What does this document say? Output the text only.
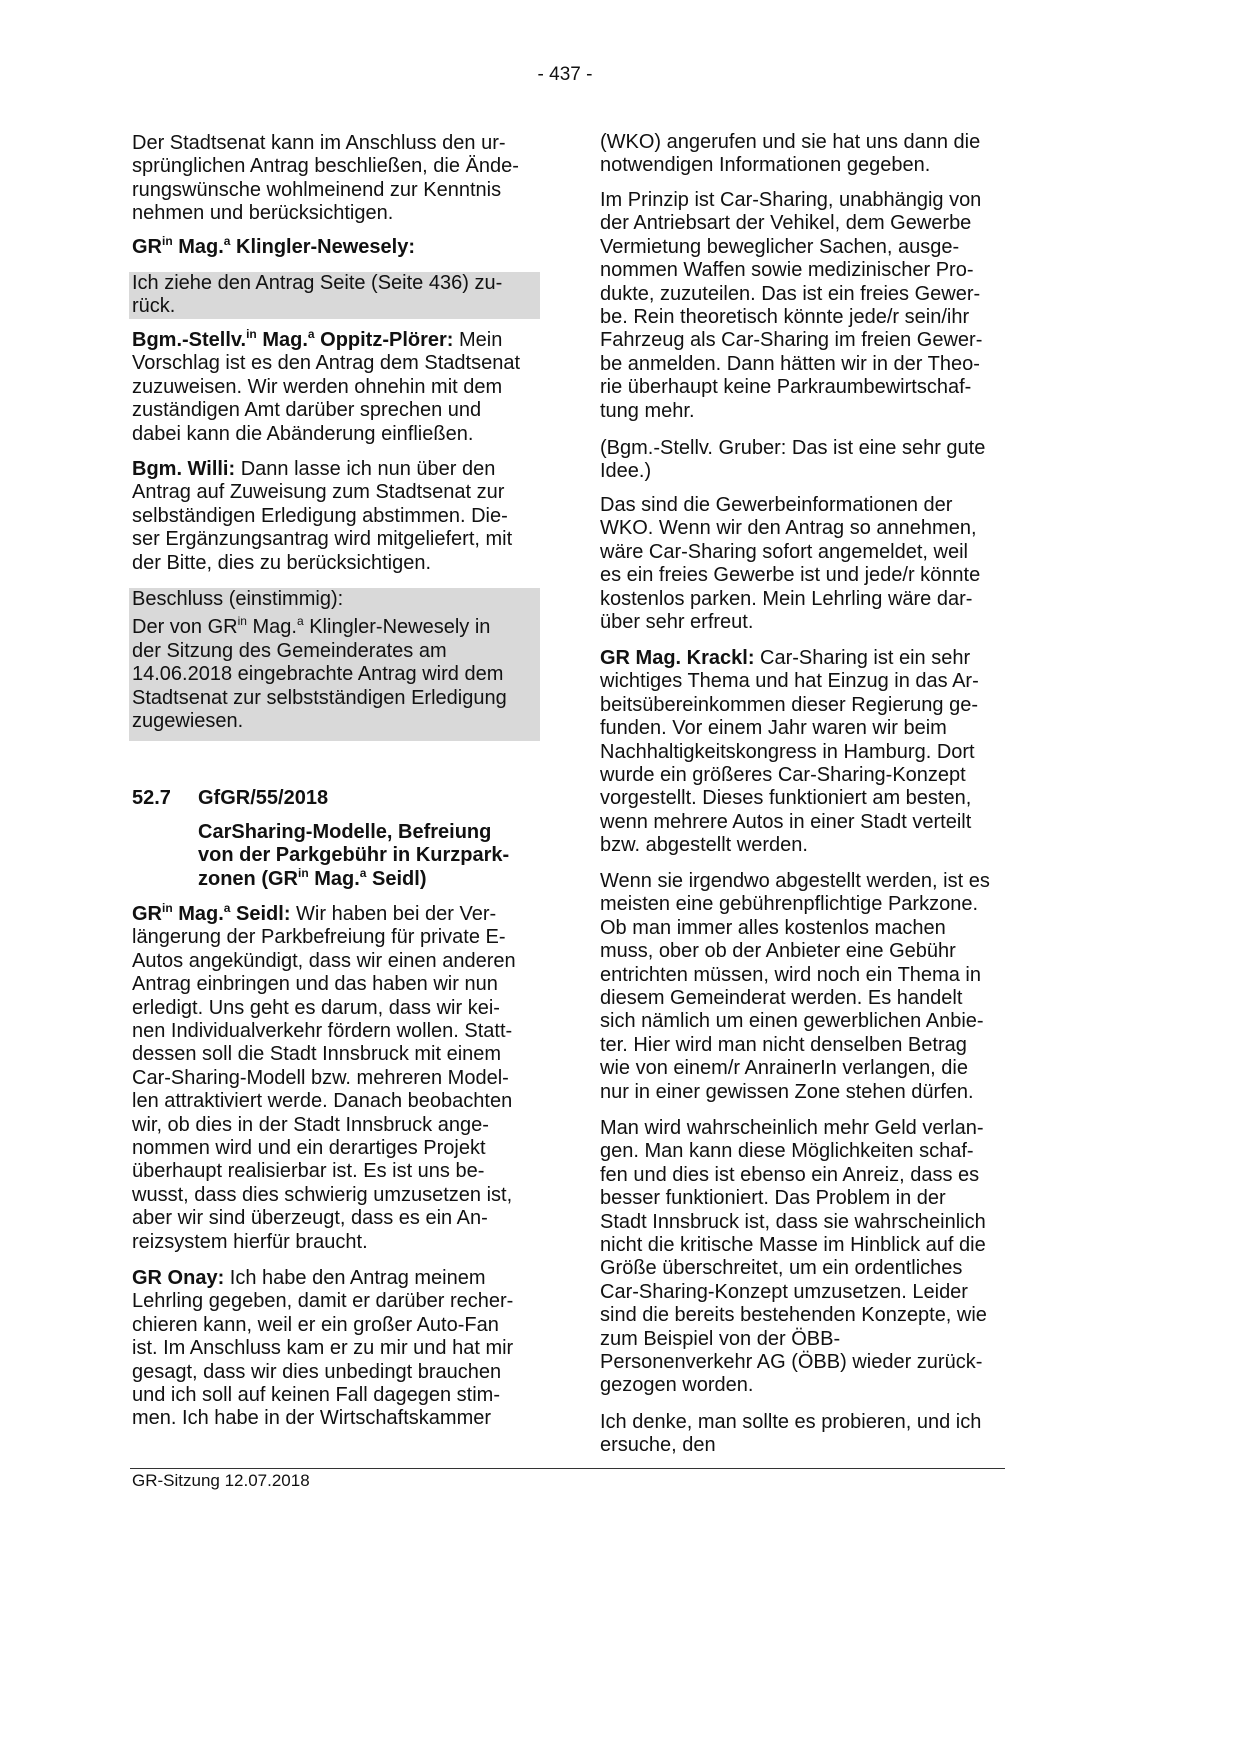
- 437 -
Der Stadtsenat kann im Anschluss den ur-
sprünglichen Antrag beschließen, die Ände-
rungswünsche wohlmeinend zur Kenntnis
nehmen und berücksichtigen.
$GR^{in}$ Mag.$^a$ Klingler-Newesely:
Ich ziehe den Antrag Seite (Seite 436) zu-
rück.
Bgm.-Stellv.$^{in}$ Mag.$^a$ Oppitz-Plörer: Mein
Vorschlag ist es den Antrag dem Stadtsenat
zuzuweisen. Wir werden ohnehin mit dem
zuständigen Amt darüber sprechen und
dabei kann die Abänderung einfließen.
Bgm. Willi: Dann lasse ich nun über den
Antrag auf Zuweisung zum Stadtsenat zur
selbständigen Erledigung abstimmen. Die-
ser Ergänzungsantrag wird mitgeliefert, mit
der Bitte, dies zu berücksichtigen.
Beschluss (einstimmig):

Der von $GR^{in}$ Mag.$^a$ Klingler-Newesely in
der Sitzung des Gemeinderates am
14.06.2018 eingebrachte Antrag wird dem
Stadtsenat zur selbstständigen Erledigung
zugewiesen.
52.7 GfGR/55/2018
CarSharing-Modelle, Befreiung
von der Parkgebühr in Kurzpark-
zonen ($GR^{in}$ Mag.$^a$ Seidl)
$GR^{in}$ Mag.$^a$ Seidl: Wir haben bei der Ver-
längerung der Parkbefreiung für private E-
Autos angekündigt, dass wir einen anderen
Antrag einbringen und das haben wir nun
erledigt. Uns geht es darum, dass wir kei-
nen Individualverkehr fördern wollen. Statt-
dessen soll die Stadt Innsbruck mit einem
Car-Sharing-Modell bzw. mehreren Model-
len attraktiviert werde. Danach beobachten
wir, ob dies in der Stadt Innsbruck ange-
nommen wird und ein derartiges Projekt
überhaupt realisierbar ist. Es ist uns be-
wusst, dass dies schwierig umzusetzen ist,
aber wir sind überzeugt, dass es ein An-
reizsystem hierfür braucht.
GR Onay: Ich habe den Antrag meinem
Lehrling gegeben, damit er darüber recher-
chieren kann, weil er ein großer Auto-Fan
ist. Im Anschluss kam er zu mir und hat mir
gesagt, dass wir dies unbedingt brauchen
und ich soll auf keinen Fall dagegen stim-
men. Ich habe in der Wirtschaftskammer
(WKO) angerufen und sie hat uns dann die
notwendigen Informationen gegeben.
Im Prinzip ist Car-Sharing, unabhängig von
der Antriebsart der Vehikel, dem Gewerbe
Vermietung beweglicher Sachen, ausge-
nommen Waffen sowie medizinischer Pro-
dukte, zuzuteilen. Das ist ein freies Gewer-
be. Rein theoretisch könnte jede/r sein/ihr
Fahrzeug als Car-Sharing im freien Gewer-
be anmelden. Dann hätten wir in der Theo-
rie überhaupt keine Parkraumbewirtschaf-
tung mehr.
(Bgm.-Stellv. Gruber: Das ist eine sehr gute
Idee.)
Das sind die Gewerbeinformationen der
WKO. Wenn wir den Antrag so annehmen,
wäre Car-Sharing sofort angemeldet, weil
es ein freies Gewerbe ist und jede/r könnte
kostenlos parken. Mein Lehrling wäre dar-
über sehr erfreut.
GR Mag. Krackl: Car-Sharing ist ein sehr
wichtiges Thema und hat Einzug in das Ar-
beitsübereinkommen dieser Regierung ge-
funden. Vor einem Jahr waren wir beim
Nachhaltigkeitskongress in Hamburg. Dort
wurde ein größeres Car-Sharing-Konzept
vorgestellt. Dieses funktioniert am besten,
wenn mehrere Autos in einer Stadt verteilt
bzw. abgestellt werden.
Wenn sie irgendwo abgestellt werden, ist es
meisten eine gebührenpflichtige Parkzone.
Ob man immer alles kostenlos machen
muss, ober ob der Anbieter eine Gebühr
entrichten müssen, wird noch ein Thema in
diesem Gemeinderat werden. Es handelt
sich nämlich um einen gewerblichen Anbie-
ter. Hier wird man nicht denselben Betrag
wie von einem/r AnrainerIn verlangen, die
nur in einer gewissen Zone stehen dürfen.
Man wird wahrscheinlich mehr Geld verlan-
gen. Man kann diese Möglichkeiten schaf-
fen und dies ist ebenso ein Anreiz, dass es
besser funktioniert. Das Problem in der
Stadt Innsbruck ist, dass sie wahrscheinlich
nicht die kritische Masse im Hinblick auf die
Größe überschreitet, um ein ordentliches
Car-Sharing-Konzept umzusetzen. Leider
sind die bereits bestehenden Konzepte, wie
zum Beispiel von der ÖBB-
Personenverkehr AG (ÖBB) wieder zurück-
gezogen worden.
Ich denke, man sollte es probieren, und ich
ersuche, den
GR-Sitzung 12.07.2018
